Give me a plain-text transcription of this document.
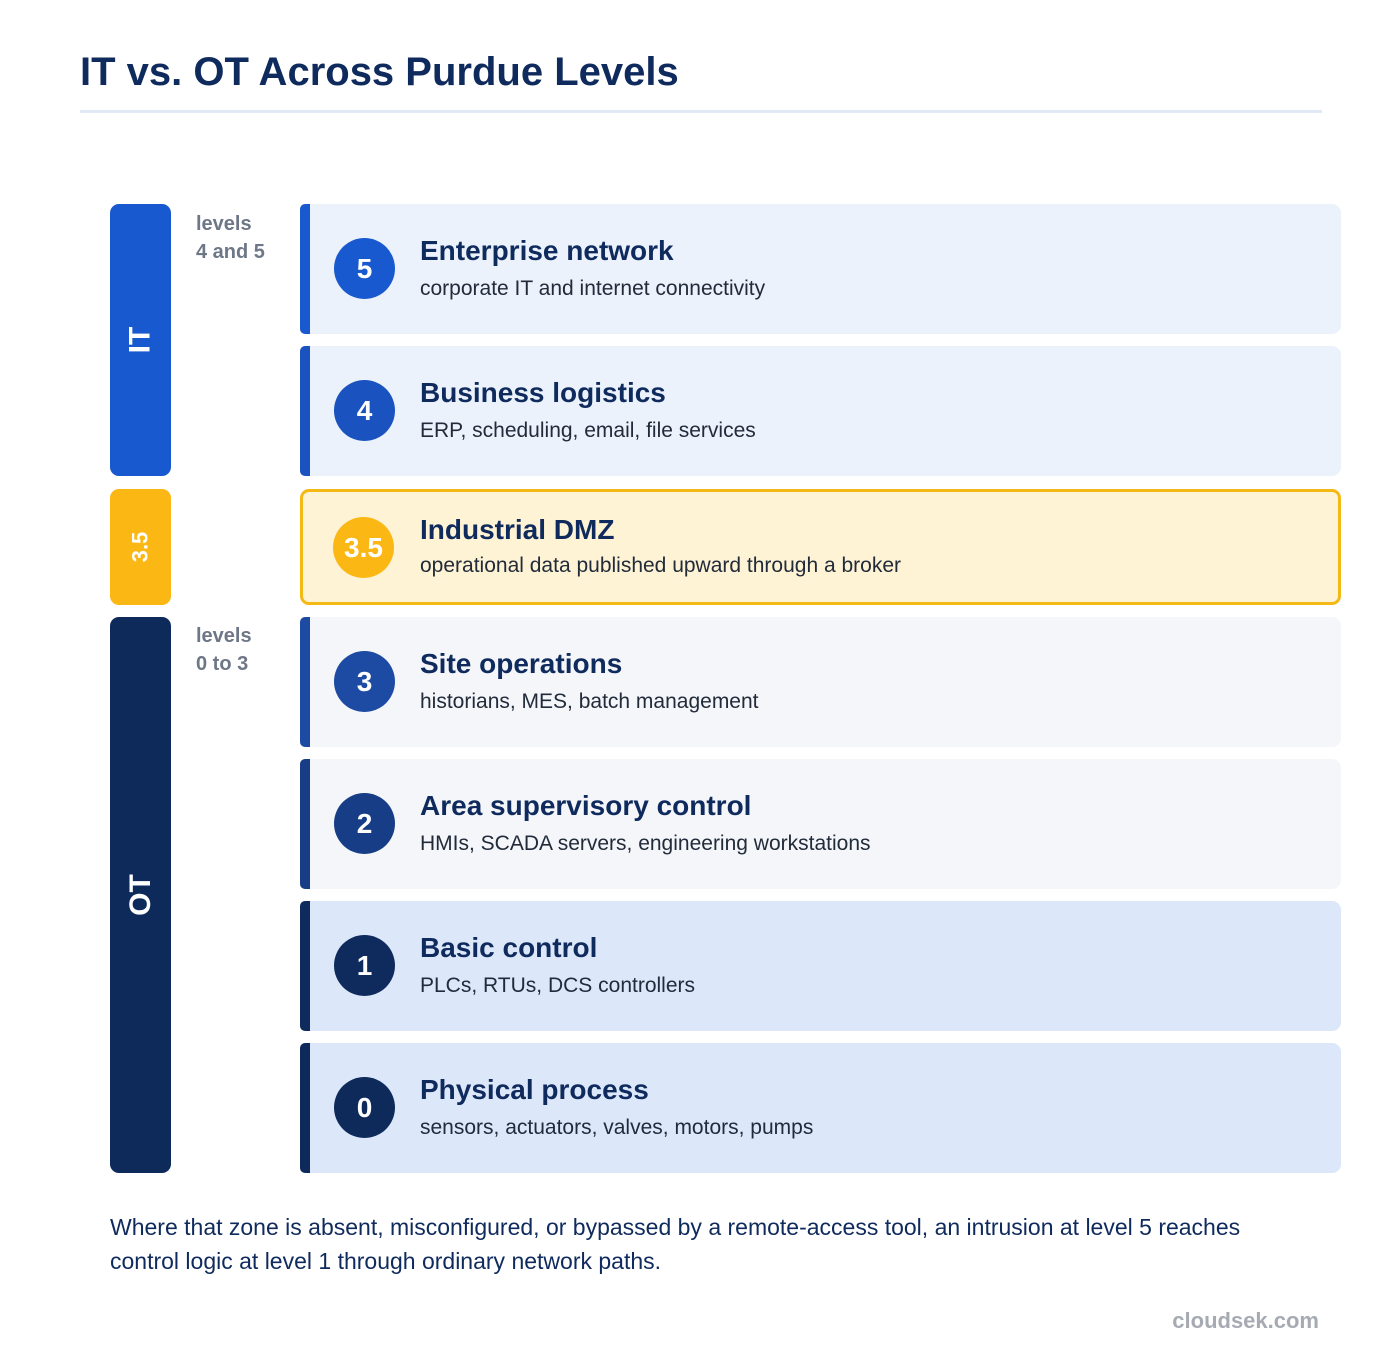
IT vs. OT Across Purdue Levels
IT
levels
4 and 5
3.5
OT
levels
0 to 3
5
Enterprise network
corporate IT and internet connectivity
4
Business logistics
ERP, scheduling, email, file services
3.5
Industrial DMZ
operational data published upward through a broker
3
Site operations
historians, MES, batch management
2
Area supervisory control
HMIs, SCADA servers, engineering workstations
1
Basic control
PLCs, RTUs, DCS controllers
0
Physical process
sensors, actuators, valves, motors, pumps

Where that zone is absent, misconfigured, or bypassed by a remote-access tool, an intrusion at level 5 reaches control logic at level 1 through ordinary network paths.

cloudsek.com
